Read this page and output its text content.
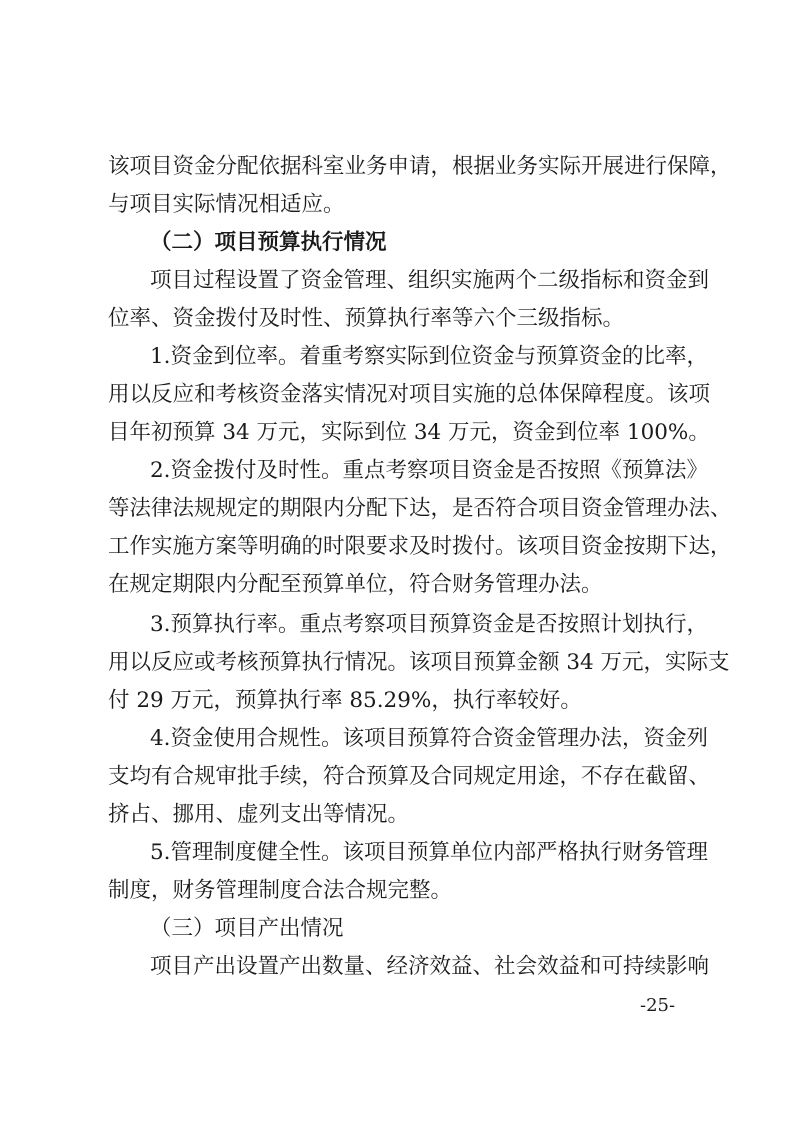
该项目资金分配依据科室业务申请，根据业务实际开展进行保障，
与项目实际情况相适应。
（二）项目预算执行情况
项目过程设置了资金管理、组织实施两个二级指标和资金到
位率、资金拨付及时性、预算执行率等六个三级指标。
1.资金到位率。着重考察实际到位资金与预算资金的比率，
用以反应和考核资金落实情况对项目实施的总体保障程度。该项
目年初预算 34 万元，实际到位 34 万元，资金到位率 100%。
2.资金拨付及时性。重点考察项目资金是否按照《预算法》
等法律法规规定的期限内分配下达，是否符合项目资金管理办法、
工作实施方案等明确的时限要求及时拨付。该项目资金按期下达，
在规定期限内分配至预算单位，符合财务管理办法。
3.预算执行率。重点考察项目预算资金是否按照计划执行，
用以反应或考核预算执行情况。该项目预算金额 34 万元，实际支
付 29 万元，预算执行率 85.29%，执行率较好。
4.资金使用合规性。该项目预算符合资金管理办法，资金列
支均有合规审批手续，符合预算及合同规定用途，不存在截留、
挤占、挪用、虚列支出等情况。
5.管理制度健全性。该项目预算单位内部严格执行财务管理
制度，财务管理制度合法合规完整。
（三）项目产出情况
项目产出设置产出数量、经济效益、社会效益和可持续影响
-25-
